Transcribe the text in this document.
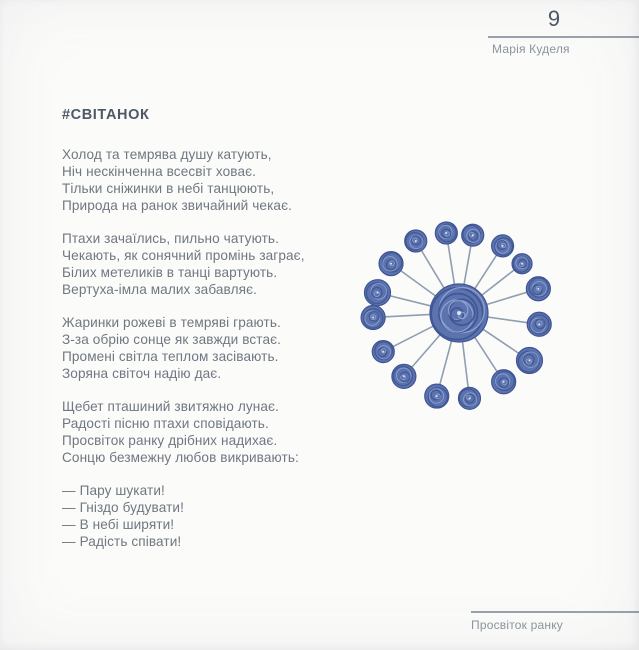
9
Марія Куделя
#СВІТАНОК
Холод та темрява душу катують,
Ніч нескінченна всесвіт ховає.
Тільки сніжинки в небі танцюють,
Природа на ранок звичайний чекає.
Птахи зачаїлись, пильно чатують.
Чекають, як сонячний промінь заграє,
Білих метеликів в танці вартують.
Вертуха-імла малих забавляє.
Жаринки рожеві в темряві грають.
З-за обрію сонце як завжди встає.
Промені світла теплом засівають.
Зоряна світоч надію дає.
Щебет пташиний звитяжно лунає.
Радості пісню птахи сповідають.
Просвіток ранку дрібних надихає.
Сонцю безмежну любов викривають:
— Пару шукати!
— Гніздо будувати!
— В небі ширяти!
— Радість співати!
Просвіток ранку
